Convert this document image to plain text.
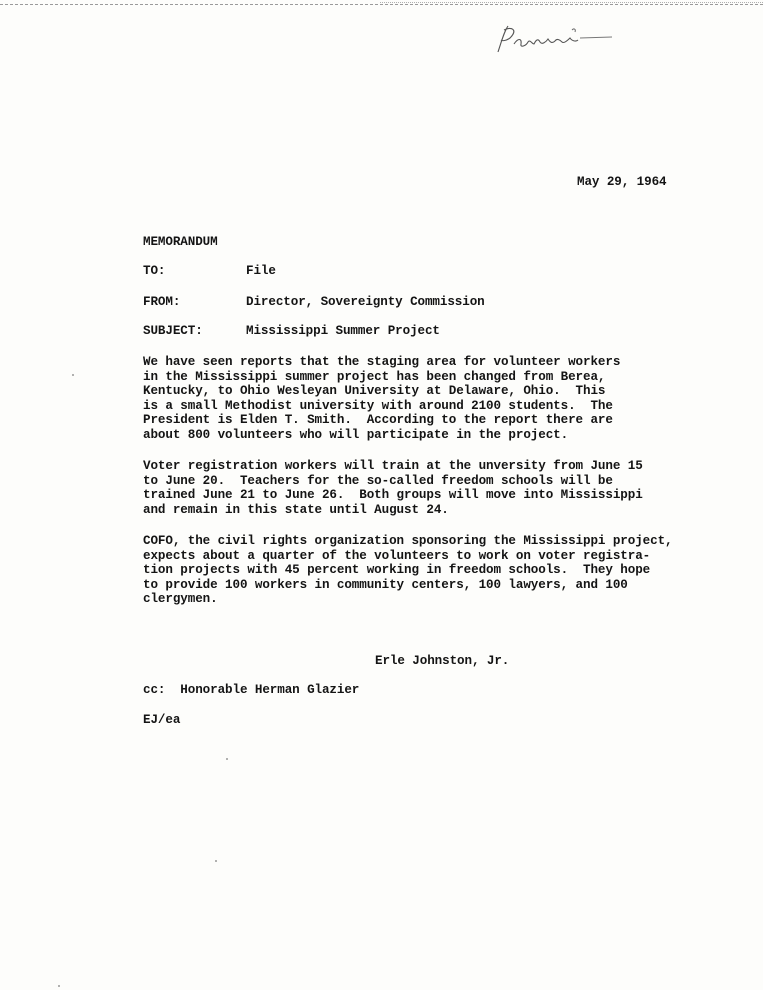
May 29, 1964
MEMORANDUM
TO:	File
FROM:	Director, Sovereignty Commission
SUBJECT:	Mississippi Summer Project
We have seen reports that the staging area for volunteer workers
in the Mississippi summer project has been changed from Berea,
Kentucky, to Ohio Wesleyan University at Delaware, Ohio.  This
is a small Methodist university with around 2100 students.  The
President is Elden T. Smith.  According to the report there are
about 800 volunteers who will participate in the project.
Voter registration workers will train at the unversity from June 15
to June 20.  Teachers for the so-called freedom schools will be
trained June 21 to June 26.  Both groups will move into Mississippi
and remain in this state until August 24.
COFO, the civil rights organization sponsoring the Mississippi project,
expects about a quarter of the volunteers to work on voter registra-
tion projects with 45 percent working in freedom schools.  They hope
to provide 100 workers in community centers, 100 lawyers, and 100
clergymen.
Erle Johnston, Jr.
cc:  Honorable Herman Glazier
EJ/ea
